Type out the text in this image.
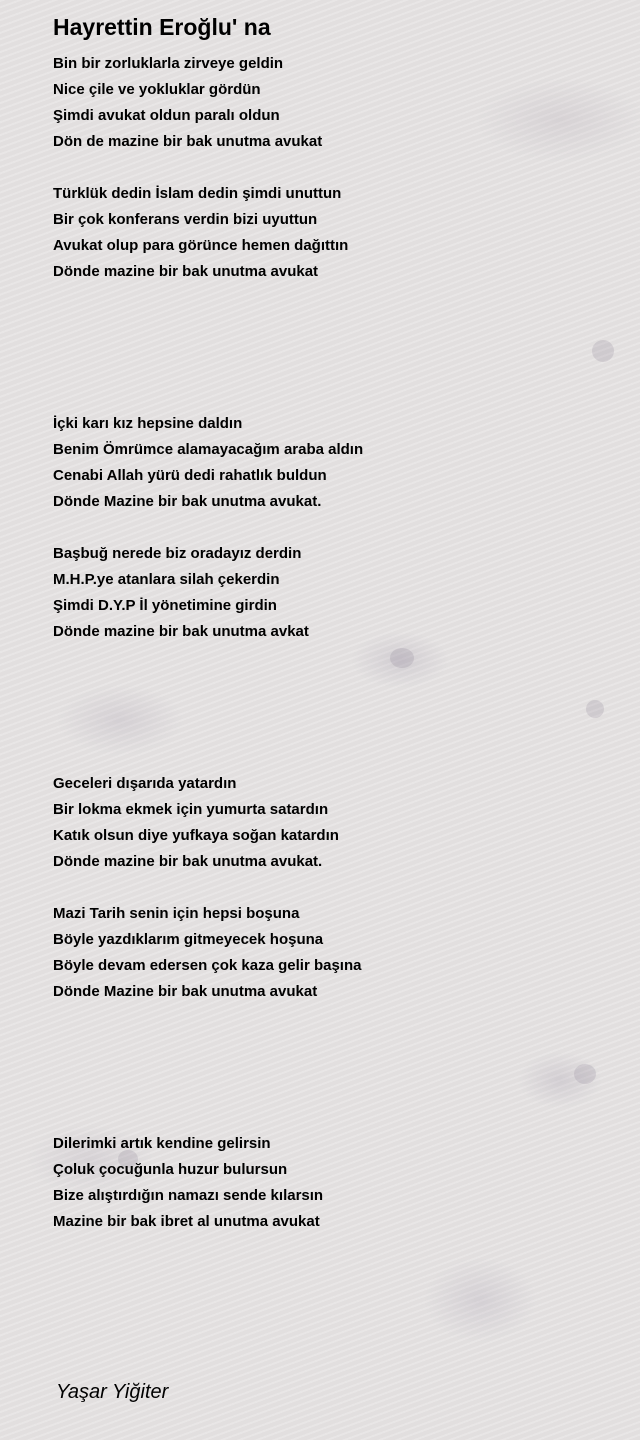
Hayrettin Eroğlu' na
Bin bir zorluklarla zirveye geldin
Nice çile ve yokluklar gördün
Şimdi avukat oldun paralı oldun
Dön de mazine bir bak unutma avukat
Türklük dedin İslam dedin şimdi unuttun
Bir çok konferans verdin bizi uyuttun
Avukat olup para görünce hemen dağıttın
Dönde mazine bir bak unutma avukat
İçki karı kız hepsine daldın
Benim Ömrümce alamayacağım araba aldın
Cenabi Allah yürü dedi rahatlık buldun
Dönde Mazine bir bak unutma avukat.
Başbuğ nerede biz oradayız derdin
M.H.P.ye atanlara silah çekerdin
Şimdi D.Y.P İl yönetimine girdin
Dönde mazine bir bak unutma avkat
Geceleri dışarıda yatardın
Bir lokma ekmek için yumurta satardın
Katık olsun diye yufkaya soğan katardın
Dönde mazine bir bak unutma avukat.
Mazi Tarih senin için hepsi boşuna
Böyle yazdıklarım gitmeyecek hoşuna
Böyle devam edersen çok kaza gelir başına
Dönde Mazine bir bak unutma avukat
Dilerimki artık kendine gelirsin
Çoluk çocuğunla huzur bulursun
Bize alıştırdığın namazı sende kılarsın
Mazine bir bak ibret al unutma avukat
Yaşar Yiğiter
